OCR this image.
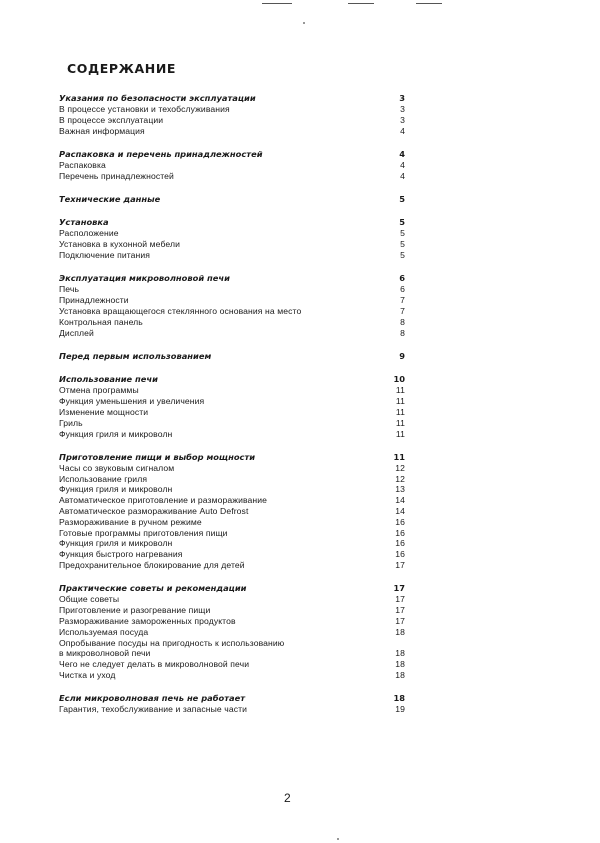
СОДЕРЖАНИЕ
Указания по безопасности эксплуатации	3
В процессе установки и техобслуживания	3
В процессе эксплуатации	3
Важная информация	4
Распаковка и перечень принадлежностей	4
Распаковка	4
Перечень принадлежностей	4
Технические данные	5
Установка	5
Расположение	5
Установка в кухонной мебели	5
Подключение питания	5
Эксплуатация микроволновой печи	6
Печь	6
Принадлежности	7
Установка вращающегося стеклянного основания на место	7
Контрольная панель	8
Дисплей	8
Перед первым использованием	9
Использование печи	10
Отмена программы	11
Функция уменьшения и увеличения	11
Изменение мощности	11
Гриль	11
Функция гриля и микроволн	11
Приготовление пищи и выбор мощности	11
Часы со звуковым сигналом	12
Использование гриля	12
Функция гриля и микроволн	13
Автоматическое приготовление и размораживание	14
Автоматическое размораживание Auto Defrost	14
Размораживание в ручном режиме	16
Готовые программы приготовления пищи	16
Функция гриля и микроволн	16
Функция быстрого нагревания	16
Предохранительное блокирование для детей	17
Практические советы и рекомендации	17
Общие советы	17
Приготовление и разогревание пищи	17
Размораживание замороженных продуктов	17
Используемая посуда	18
Опробывание посуды на пригодность к использованию
в микроволновой печи	18
Чего не следует делать в микроволновой печи	18
Чистка и уход	18
Если микроволновая печь не работает	18
Гарантия, техобслуживание и запасные части	19
2
